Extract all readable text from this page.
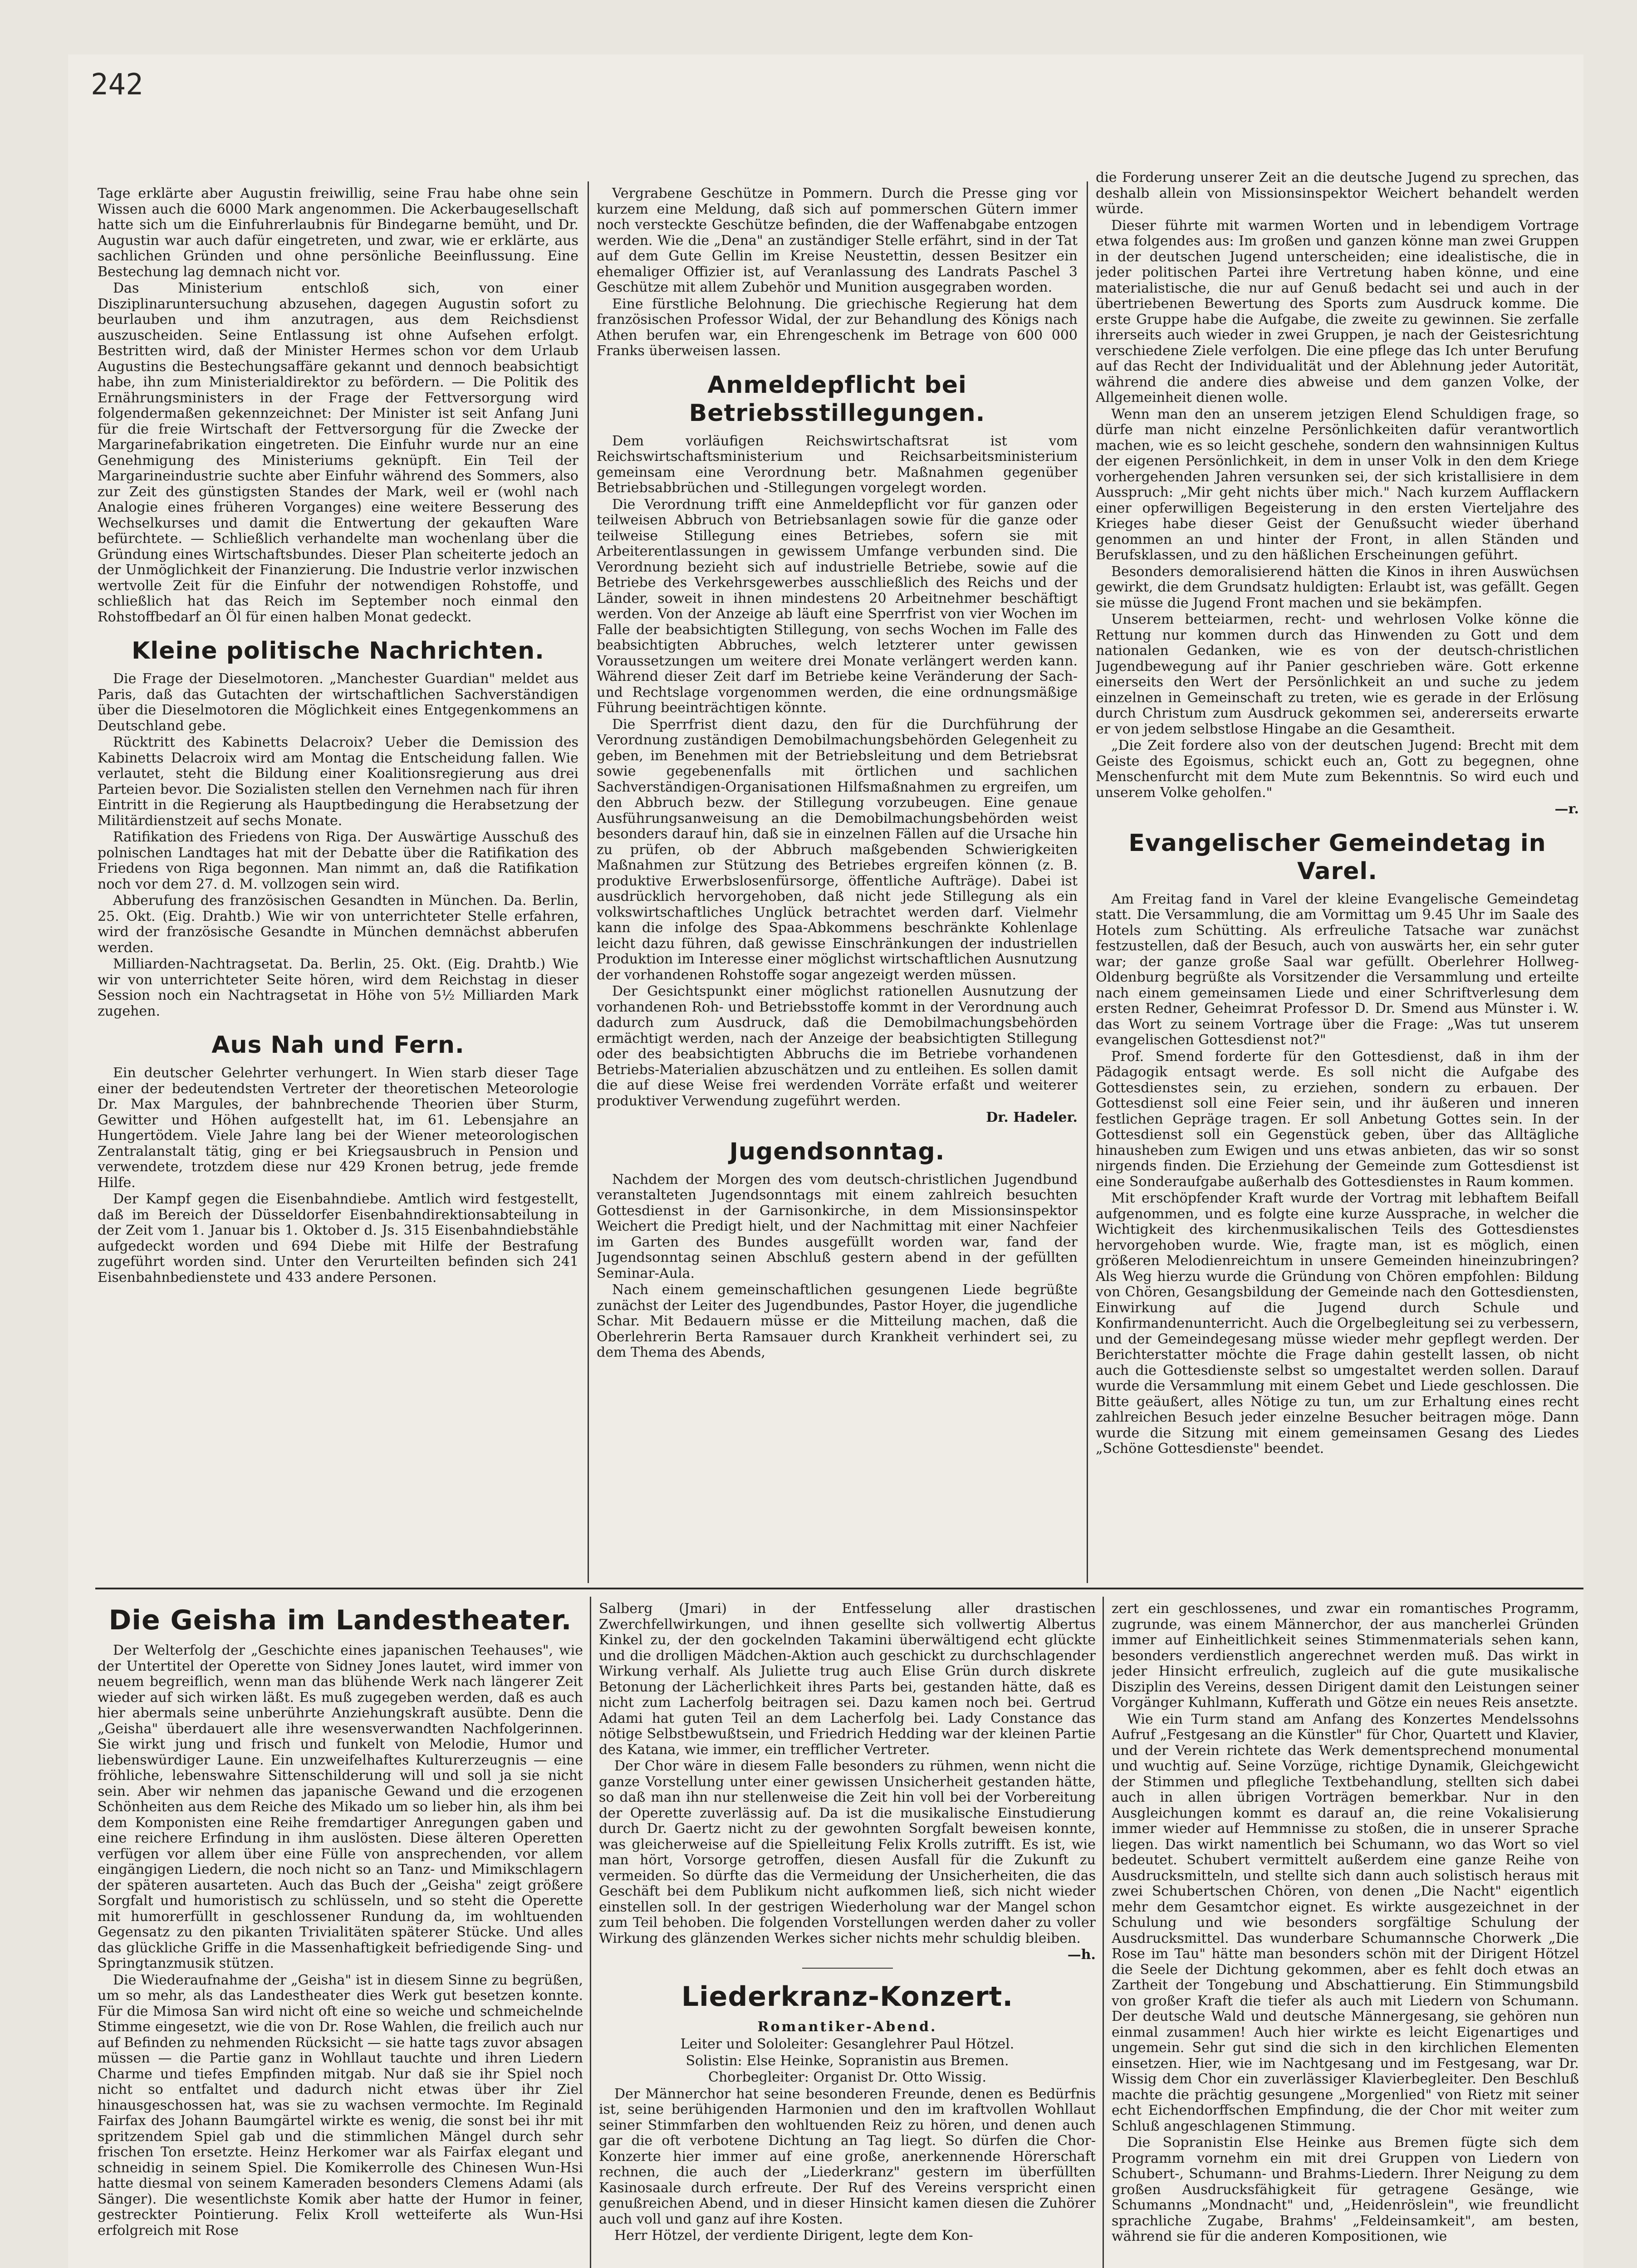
242

Tage erklärte aber Augustin freiwillig, seine Frau habe ohne sein Wissen auch die 6000 Mark angenommen. Die Ackerbaugesellschaft hatte sich um die Einfuhrerlaubnis für Bindegarne bemüht, und Dr. Augustin war auch dafür eingetreten, und zwar, wie er erklärte, aus sachlichen Gründen und ohne persönliche Beeinflussung. Eine Bestechung lag demnach nicht vor.

Das Ministerium entschloß sich, von einer Disziplinaruntersuchung abzusehen, dagegen Augustin sofort zu beurlauben und ihm anzutragen, aus dem Reichsdienst auszuscheiden. Seine Entlassung ist ohne Aufsehen erfolgt. Bestritten wird, daß der Minister Hermes schon vor dem Urlaub Augustins die Bestechungsaffäre gekannt und dennoch beabsichtigt habe, ihn zum Ministerialdirektor zu befördern. — Die Politik des Ernährungsministers in der Frage der Fettversorgung wird folgendermaßen gekennzeichnet: Der Minister ist seit Anfang Juni für die freie Wirtschaft der Fettversorgung für die Zwecke der Margarinefabrikation eingetreten. Die Einfuhr wurde nur an eine Genehmigung des Ministeriums geknüpft. Ein Teil der Margarineindustrie suchte aber Einfuhr während des Sommers, also zur Zeit des günstigsten Standes der Mark, weil er (wohl nach Analogie eines früheren Vorganges) eine weitere Besserung des Wechselkurses und damit die Entwertung der gekauften Ware befürchtete. — Schließlich verhandelte man wochenlang über die Gründung eines Wirtschaftsbundes. Dieser Plan scheiterte jedoch an der Unmöglichkeit der Finanzierung. Die Industrie verlor inzwischen wertvolle Zeit für die Einfuhr der notwendigen Rohstoffe, und schließlich hat das Reich im September noch einmal den Rohstoffbedarf an Öl für einen halben Monat gedeckt.

Kleine politische Nachrichten.

Die Frage der Dieselmotoren. „Manchester Guardian" meldet aus Paris, daß das Gutachten der wirtschaftlichen Sachverständigen über die Dieselmotoren die Möglichkeit eines Entgegenkommens an Deutschland gebe.

Rücktritt des Kabinetts Delacroix? Ueber die Demission des Kabinetts Delacroix wird am Montag die Entscheidung fallen. Wie verlautet, steht die Bildung einer Koalitionsregierung aus drei Parteien bevor. Die Sozialisten stellen den Vernehmen nach für ihren Eintritt in die Regierung als Hauptbedingung die Herabsetzung der Militärdienstzeit auf sechs Monate.

Ratifikation des Friedens von Riga. Der Auswärtige Ausschuß des polnischen Landtages hat mit der Debatte über die Ratifikation des Friedens von Riga begonnen. Man nimmt an, daß die Ratifikation noch vor dem 27. d. M. vollzogen sein wird.

Abberufung des französischen Gesandten in München. Da. Berlin, 25. Okt. (Eig. Drahtb.) Wie wir von unterrichteter Stelle erfahren, wird der französische Gesandte in München demnächst abberufen werden.

Milliarden-Nachtragsetat. Da. Berlin, 25. Okt. (Eig. Drahtb.) Wie wir von unterrichteter Seite hören, wird dem Reichstag in dieser Session noch ein Nachtragsetat in Höhe von 5½ Milliarden Mark zugehen.

Aus Nah und Fern.

Ein deutscher Gelehrter verhungert. In Wien starb dieser Tage einer der bedeutendsten Vertreter der theoretischen Meteorologie Dr. Max Margules, der bahnbrechende Theorien über Sturm, Gewitter und Höhen aufgestellt hat, im 61. Lebensjahre an Hungertödem. Viele Jahre lang bei der Wiener meteorologischen Zentralanstalt tätig, ging er bei Kriegsausbruch in Pension und verwendete, trotzdem diese nur 429 Kronen betrug, jede fremde Hilfe.

Der Kampf gegen die Eisenbahndiebe. Amtlich wird festgestellt, daß im Bereich der Düsseldorfer Eisenbahndirektionsabteilung in der Zeit vom 1. Januar bis 1. Oktober d. Js. 315 Eisenbahndiebstähle aufgedeckt worden und 694 Diebe mit Hilfe der Bestrafung zugeführt worden sind. Unter den Verurteilten befinden sich 241 Eisenbahnbedienstete und 433 andere Personen.

Vergrabene Geschütze in Pommern. Durch die Presse ging vor kurzem eine Meldung, daß sich auf pommerschen Gütern immer noch versteckte Geschütze befinden, die der Waffenabgabe entzogen werden. Wie die „Dena" an zuständiger Stelle erfährt, sind in der Tat auf dem Gute Gellin im Kreise Neustettin, dessen Besitzer ein ehemaliger Offizier ist, auf Veranlassung des Landrats Paschel 3 Geschütze mit allem Zubehör und Munition ausgegraben worden.

Eine fürstliche Belohnung. Die griechische Regierung hat dem französischen Professor Widal, der zur Behandlung des Königs nach Athen berufen war, ein Ehrengeschenk im Betrage von 600 000 Franks überweisen lassen.

Anmeldepflicht bei Betriebsstillegungen.

Dem vorläufigen Reichswirtschaftsrat ist vom Reichswirtschaftsministerium und Reichsarbeitsministerium gemeinsam eine Verordnung betr. Maßnahmen gegenüber Betriebsabbrüchen und -Stillegungen vorgelegt worden.

Die Verordnung trifft eine Anmeldepflicht vor für ganzen oder teilweisen Abbruch von Betriebsanlagen sowie für die ganze oder teilweise Stillegung eines Betriebes, sofern sie mit Arbeiterentlassungen in gewissem Umfange verbunden sind. Die Verordnung bezieht sich auf industrielle Betriebe, sowie auf die Betriebe des Verkehrsgewerbes ausschließlich des Reichs und der Länder, soweit in ihnen mindestens 20 Arbeitnehmer beschäftigt werden. Von der Anzeige ab läuft eine Sperrfrist von vier Wochen im Falle der beabsichtigten Stillegung, von sechs Wochen im Falle des beabsichtigten Abbruches, welch letzterer unter gewissen Voraussetzungen um weitere drei Monate verlängert werden kann. Während dieser Zeit darf im Betriebe keine Veränderung der Sach- und Rechtslage vorgenommen werden, die eine ordnungsmäßige Führung beeinträchtigen könnte.

Die Sperrfrist dient dazu, den für die Durchführung der Verordnung zuständigen Demobilmachungsbehörden Gelegenheit zu geben, im Benehmen mit der Betriebsleitung und dem Betriebsrat sowie gegebenenfalls mit örtlichen und sachlichen Sachverständigen-Organisationen Hilfsmaßnahmen zu ergreifen, um den Abbruch bezw. der Stillegung vorzubeugen. Eine genaue Ausführungsanweisung an die Demobilmachungsbehörden weist besonders darauf hin, daß sie in einzelnen Fällen auf die Ursache hin zu prüfen, ob der Abbruch maßgebenden Schwierigkeiten Maßnahmen zur Stützung des Betriebes ergreifen können (z. B. produktive Erwerbslosenfürsorge, öffentliche Aufträge). Dabei ist ausdrücklich hervorgehoben, daß nicht jede Stillegung als ein volkswirtschaftliches Unglück betrachtet werden darf. Vielmehr kann die infolge des Spaa-Abkommens beschränkte Kohlenlage leicht dazu führen, daß gewisse Einschränkungen der industriellen Produktion im Interesse einer möglichst wirtschaftlichen Ausnutzung der vorhandenen Rohstoffe sogar angezeigt werden müssen.

Der Gesichtspunkt einer möglichst rationellen Ausnutzung der vorhandenen Roh- und Betriebsstoffe kommt in der Verordnung auch dadurch zum Ausdruck, daß die Demobilmachungsbehörden ermächtigt werden, nach der Anzeige der beabsichtigten Stillegung oder des beabsichtigten Abbruchs die im Betriebe vorhandenen Betriebs-Materialien abzuschätzen und zu entleihen. Es sollen damit die auf diese Weise frei werdenden Vorräte erfaßt und weiterer produktiver Verwendung zugeführt werden.

Dr. Hadeler.
Jugendsonntag.

Nachdem der Morgen des vom deutsch-christlichen Jugendbund veranstalteten Jugendsonntags mit einem zahlreich besuchten Gottesdienst in der Garnisonkirche, in dem Missionsinspektor Weichert die Predigt hielt, und der Nachmittag mit einer Nachfeier im Garten des Bundes ausgefüllt worden war, fand der Jugendsonntag seinen Abschluß gestern abend in der gefüllten Seminar-Aula.

Nach einem gemeinschaftlichen gesungenen Liede begrüßte zunächst der Leiter des Jugendbundes, Pastor Hoyer, die jugendliche Schar. Mit Bedauern müsse er die Mitteilung machen, daß die Oberlehrerin Berta Ramsauer durch Krankheit verhindert sei, zu dem Thema des Abends,

die Forderung unserer Zeit an die deutsche Jugend zu sprechen, das deshalb allein von Missionsinspektor Weichert behandelt werden würde.

Dieser führte mit warmen Worten und in lebendigem Vortrage etwa folgendes aus: Im großen und ganzen könne man zwei Gruppen in der deutschen Jugend unterscheiden; eine idealistische, die in jeder politischen Partei ihre Vertretung haben könne, und eine materialistische, die nur auf Genuß bedacht sei und auch in der übertriebenen Bewertung des Sports zum Ausdruck komme. Die erste Gruppe habe die Aufgabe, die zweite zu gewinnen. Sie zerfalle ihrerseits auch wieder in zwei Gruppen, je nach der Geistesrichtung verschiedene Ziele verfolgen. Die eine pflege das Ich unter Berufung auf das Recht der Individualität und der Ablehnung jeder Autorität, während die andere dies abweise und dem ganzen Volke, der Allgemeinheit dienen wolle.

Wenn man den an unserem jetzigen Elend Schuldigen frage, so dürfe man nicht einzelne Persönlichkeiten dafür verantwortlich machen, wie es so leicht geschehe, sondern den wahnsinnigen Kultus der eigenen Persönlichkeit, in dem in unser Volk in den dem Kriege vorhergehenden Jahren versunken sei, der sich kristallisiere in dem Ausspruch: „Mir geht nichts über mich." Nach kurzem Aufflackern einer opferwilligen Begeisterung in den ersten Vierteljahre des Krieges habe dieser Geist der Genußsucht wieder überhand genommen an und hinter der Front, in allen Ständen und Berufsklassen, und zu den häßlichen Erscheinungen geführt.

Besonders demoralisierend hätten die Kinos in ihren Auswüchsen gewirkt, die dem Grundsatz huldigten: Erlaubt ist, was gefällt. Gegen sie müsse die Jugend Front machen und sie bekämpfen.

Unserem betteiarmen, recht- und wehrlosen Volke könne die Rettung nur kommen durch das Hinwenden zu Gott und dem nationalen Gedanken, wie es von der deutsch-christlichen Jugendbewegung auf ihr Panier geschrieben wäre. Gott erkenne einerseits den Wert der Persönlichkeit an und suche zu jedem einzelnen in Gemeinschaft zu treten, wie es gerade in der Erlösung durch Christum zum Ausdruck gekommen sei, andererseits erwarte er von jedem selbstlose Hingabe an die Gesamtheit.

„Die Zeit fordere also von der deutschen Jugend: Brecht mit dem Geiste des Egoismus, schickt euch an, Gott zu begegnen, ohne Menschenfurcht mit dem Mute zum Bekenntnis. So wird euch und unserem Volke geholfen."

—r.
Evangelischer Gemeindetag in Varel.

Am Freitag fand in Varel der kleine Evangelische Gemeindetag statt. Die Versammlung, die am Vormittag um 9.45 Uhr im Saale des Hotels zum Schütting. Als erfreuliche Tatsache war zunächst festzustellen, daß der Besuch, auch von auswärts her, ein sehr guter war; der ganze große Saal war gefüllt. Oberlehrer Hollweg-Oldenburg begrüßte als Vorsitzender die Versammlung und erteilte nach einem gemeinsamen Liede und einer Schriftverlesung dem ersten Redner, Geheimrat Professor D. Dr. Smend aus Münster i. W. das Wort zu seinem Vortrage über die Frage: „Was tut unserem evangelischen Gottesdienst not?"

Prof. Smend forderte für den Gottesdienst, daß in ihm der Pädagogik entsagt werde. Es soll nicht die Aufgabe des Gottesdienstes sein, zu erziehen, sondern zu erbauen. Der Gottesdienst soll eine Feier sein, und ihr äußeren und inneren festlichen Gepräge tragen. Er soll Anbetung Gottes sein. In der Gottesdienst soll ein Gegenstück geben, über das Alltägliche hinausheben zum Ewigen und uns etwas anbieten, das wir so sonst nirgends finden. Die Erziehung der Gemeinde zum Gottesdienst ist eine Sonderaufgabe außerhalb des Gottesdienstes in Raum kommen.

Mit erschöpfender Kraft wurde der Vortrag mit lebhaftem Beifall aufgenommen, und es folgte eine kurze Aussprache, in welcher die Wichtigkeit des kirchenmusikalischen Teils des Gottesdienstes hervorgehoben wurde. Wie, fragte man, ist es möglich, einen größeren Melodienreichtum in unsere Gemeinden hineinzubringen? Als Weg hierzu wurde die Gründung von Chören empfohlen: Bildung von Chören, Gesangsbildung der Gemeinde nach den Gottesdiensten, Einwirkung auf die Jugend durch Schule und Konfirmandenunterricht. Auch die Orgelbegleitung sei zu verbessern, und der Gemeindegesang müsse wieder mehr gepflegt werden. Der Berichterstatter möchte die Frage dahin gestellt lassen, ob nicht auch die Gottesdienste selbst so umgestaltet werden sollen. Darauf wurde die Versammlung mit einem Gebet und Liede geschlossen. Die Bitte geäußert, alles Nötige zu tun, um zur Erhaltung eines recht zahlreichen Besuch jeder einzelne Besucher beitragen möge. Dann wurde die Sitzung mit einem gemeinsamen Gesang des Liedes „Schöne Gottesdienste" beendet.

Die Geisha im Landestheater.

Der Welterfolg der „Geschichte eines japanischen Teehauses", wie der Untertitel der Operette von Sidney Jones lautet, wird immer von neuem begreiflich, wenn man das blühende Werk nach längerer Zeit wieder auf sich wirken läßt. Es muß zugegeben werden, daß es auch hier abermals seine unberührte Anziehungskraft ausübte. Denn die „Geisha" überdauert alle ihre wesensverwandten Nachfolgerinnen. Sie wirkt jung und frisch und funkelt von Melodie, Humor und liebenswürdiger Laune. Ein unzweifelhaftes Kulturerzeugnis — eine fröhliche, lebenswahre Sittenschilderung will und soll ja sie nicht sein. Aber wir nehmen das japanische Gewand und die erzogenen Schönheiten aus dem Reiche des Mikado um so lieber hin, als ihm bei dem Komponisten eine Reihe fremdartiger Anregungen gaben und eine reichere Erfindung in ihm auslösten. Diese älteren Operetten verfügen vor allem über eine Fülle von ansprechenden, vor allem eingängigen Liedern, die noch nicht so an Tanz- und Mimikschlagern der späteren ausarteten. Auch das Buch der „Geisha" zeigt größere Sorgfalt und humoristisch zu schlüsseln, und so steht die Operette mit humorerfüllt in geschlossener Rundung da, im wohltuenden Gegensatz zu den pikanten Trivialitäten späterer Stücke. Und alles das glückliche Griffe in die Massenhaftigkeit befriedigende Sing- und Springtanzmusik stützen.

Die Wiederaufnahme der „Geisha" ist in diesem Sinne zu begrüßen, um so mehr, als das Landestheater dies Werk gut besetzen konnte. Für die Mimosa San wird nicht oft eine so weiche und schmeichelnde Stimme eingesetzt, wie die von Dr. Rose Wahlen, die freilich auch nur auf Befinden zu nehmenden Rücksicht — sie hatte tags zuvor absagen müssen — die Partie ganz in Wohllaut tauchte und ihren Liedern Charme und tiefes Empfinden mitgab. Nur daß sie ihr Spiel noch nicht so entfaltet und dadurch nicht etwas über ihr Ziel hinausgeschossen hat, was sie zu wachsen vermochte. Im Reginald Fairfax des Johann Baumgärtel wirkte es wenig, die sonst bei ihr mit spritzendem Spiel gab und die stimmlichen Mängel durch sehr frischen Ton ersetzte. Heinz Herkomer war als Fairfax elegant und schneidig in seinem Spiel. Die Komikerrolle des Chinesen Wun-Hsi hatte diesmal von seinem Kameraden besonders Clemens Adami (als Sänger). Die wesentlichste Komik aber hatte der Humor in feiner, gestreckter Pointierung. Felix Kroll wetteiferte als Wun-Hsi erfolgreich mit Rose

Salberg (Jmari) in der Entfesselung aller drastischen Zwerchfellwirkungen, und ihnen gesellte sich vollwertig Albertus Kinkel zu, der den gockelnden Takamini überwältigend echt glückte und die drolligen Mädchen-Aktion auch geschickt zu durchschlagender Wirkung verhalf. Als Juliette trug auch Elise Grün durch diskrete Betonung der Lächerlichkeit ihres Parts bei, gestanden hätte, daß es nicht zum Lacherfolg beitragen sei. Dazu kamen noch bei. Gertrud Adami hat guten Teil an dem Lacherfolg bei. Lady Constance das nötige Selbstbewußtsein, und Friedrich Hedding war der kleinen Partie des Katana, wie immer, ein trefflicher Vertreter.

Der Chor wäre in diesem Falle besonders zu rühmen, wenn nicht die ganze Vorstellung unter einer gewissen Unsicherheit gestanden hätte, so daß man ihn nur stellenweise die Zeit hin voll bei der Vorbereitung der Operette zuverlässig auf. Da ist die musikalische Einstudierung durch Dr. Gaertz nicht zu der gewohnten Sorgfalt beweisen konnte, was gleicherweise auf die Spielleitung Felix Krolls zutrifft. Es ist, wie man hört, Vorsorge getroffen, diesen Ausfall für die Zukunft zu vermeiden. So dürfte das die Vermeidung der Unsicherheiten, die das Geschäft bei dem Publikum nicht aufkommen ließ, sich nicht wieder einstellen soll. In der gestrigen Wiederholung war der Mangel schon zum Teil behoben. Die folgenden Vorstellungen werden daher zu voller Wirkung des glänzenden Werkes sicher nichts mehr schuldig bleiben.

—h.
Liederkranz-Konzert.
Romantiker-Abend.

Leiter und Sololeiter: Gesanglehrer Paul Hötzel.

Solistin: Else Heinke, Sopranistin aus Bremen.

Chorbegleiter: Organist Dr. Otto Wissig.

Der Männerchor hat seine besonderen Freunde, denen es Bedürfnis ist, seine berühigenden Harmonien und den im kraftvollen Wohllaut seiner Stimmfarben den wohltuenden Reiz zu hören, und denen auch gar die oft verbotene Dichtung an Tag liegt. So dürfen die Chor-Konzerte hier immer auf eine große, anerkennende Hörerschaft rechnen, die auch der „Liederkranz" gestern im überfüllten Kasinosaale durch erfreute. Der Ruf des Vereins verspricht einen genußreichen Abend, und in dieser Hinsicht kamen diesen die Zuhörer auch voll und ganz auf ihre Kosten.

Herr Hötzel, der verdiente Dirigent, legte dem Kon-

zert ein geschlossenes, und zwar ein romantisches Programm, zugrunde, was einem Männerchor, der aus mancherlei Gründen immer auf Einheitlichkeit seines Stimmenmaterials sehen kann, besonders verdienstlich angerechnet werden muß. Das wirkt in jeder Hinsicht erfreulich, zugleich auf die gute musikalische Disziplin des Vereins, dessen Dirigent damit den Leistungen seiner Vorgänger Kuhlmann, Kufferath und Götze ein neues Reis ansetzte.

Wie ein Turm stand am Anfang des Konzertes Mendelssohns Aufruf „Festgesang an die Künstler" für Chor, Quartett und Klavier, und der Verein richtete das Werk dementsprechend monumental und wuchtig auf. Seine Vorzüge, richtige Dynamik, Gleichgewicht der Stimmen und pflegliche Textbehandlung, stellten sich dabei auch in allen übrigen Vorträgen bemerkbar. Nur in den Ausgleichungen kommt es darauf an, die reine Vokalisierung immer wieder auf Hemmnisse zu stoßen, die in unserer Sprache liegen. Das wirkt namentlich bei Schumann, wo das Wort so viel bedeutet. Schubert vermittelt außerdem eine ganze Reihe von Ausdrucksmitteln, und stellte sich dann auch solistisch heraus mit zwei Schubertschen Chören, von denen „Die Nacht" eigentlich mehr dem Gesamtchor eignet. Es wirkte ausgezeichnet in der Schulung und wie besonders sorgfältige Schulung der Ausdrucksmittel. Das wunderbare Schumannsche Chorwerk „Die Rose im Tau" hätte man besonders schön mit der Dirigent Hötzel die Seele der Dichtung gekommen, aber es fehlt doch etwas an Zartheit der Tongebung und Abschattierung. Ein Stimmungsbild von großer Kraft die tiefer als auch mit Liedern von Schumann. Der deutsche Wald und deutsche Männergesang, sie gehören nun einmal zusammen! Auch hier wirkte es leicht Eigenartiges und ungemein. Sehr gut sind die sich in den kirchlichen Elementen einsetzen. Hier, wie im Nachtgesang und im Festgesang, war Dr. Wissig dem Chor ein zuverlässiger Klavierbegleiter. Den Beschluß machte die prächtig gesungene „Morgenlied" von Rietz mit seiner echt Eichendorffschen Empfindung, die der Chor mit weiter zum Schluß angeschlagenen Stimmung.

Die Sopranistin Else Heinke aus Bremen fügte sich dem Programm vornehm ein mit drei Gruppen von Liedern von Schubert-, Schumann- und Brahms-Liedern. Ihrer Neigung zu dem großen Ausdrucksfähigkeit für getragene Gesänge, wie Schumanns „Mondnacht" und, „Heidenröslein", wie freundlicht sprachliche Zugabe, Brahms' „Feldeinsamkeit", am besten, während sie für die anderen Kompositionen, wie
